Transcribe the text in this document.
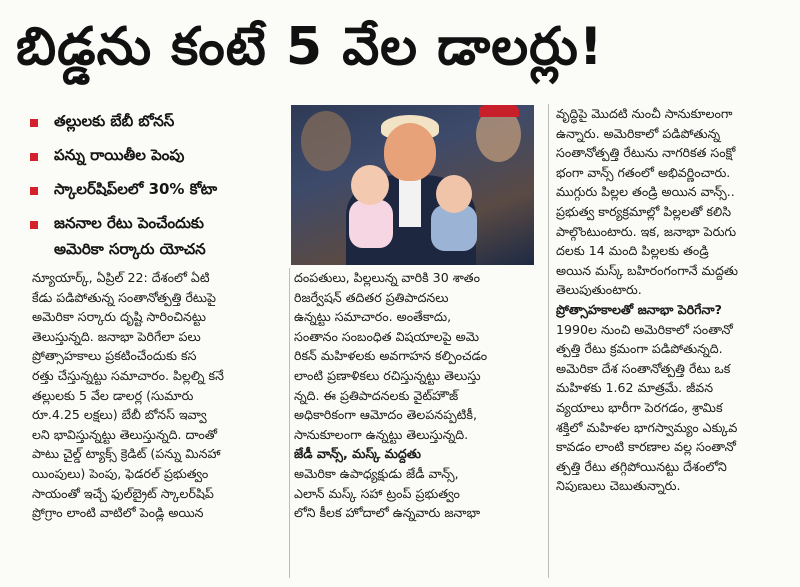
బిడ్డను కంటే 5 వేల డాలర్లు!
తల్లులకు బేబీ బోనస్
పన్ను రాయితీల పెంపు
స్కాలర్‌షిప్‌లలో 30% కోటా
జననాల రేటు పెంచేందుకు
అమెరికా సర్కారు యోచన
న్యూయార్క్, ఏప్రిల్ 22: దేశంలో ఏటి
కేడు పడిపోతున్న సంతానోత్పత్తి రేటుపై
అమెరికా సర్కారు దృష్టి సారించినట్టు
తెలుస్తున్నది. జనాభా పెరిగేలా పలు
ప్రోత్సాహకాలు ప్రకటించేందుకు కస
రత్తు చేస్తున్నట్టు సమాచారం. పిల్లల్ని కనే
తల్లులకు 5 వేల డాలర్ల (సుమారు
రూ.4.25 లక్షలు) బేబీ బోనస్ ఇవ్వా
లని భావిస్తున్నట్టు తెలుస్తున్నది. దాంతో
పాటు చైల్డ్ ట్యాక్స్ క్రెడిట్ (పన్ను మినహా
యింపులు) పెంపు, ఫెడరల్ ప్రభుత్వం
సాయంతో ఇచ్చే ఫుల్‌బ్రైట్ స్కాలర్‌షిప్
ప్రోగ్రాం లాంటి వాటిలో పెండ్లి అయిన
దంపతులు, పిల్లలున్న వారికి 30 శాతం
రిజర్వేషన్ తదితర ప్రతిపాదనలు
ఉన్నట్టు సమాచారం. అంతేకాదు,
సంతానం సంబంధిత విషయాలపై అమె
రికన్ మహిళలకు అవగాహన కల్పించడం
లాంటి ప్రణాళికలు రచిస్తున్నట్టు తెలుస్తు
న్నది. ఈ ప్రతిపాదనలకు వైట్‌హౌజ్
అధికారికంగా ఆమోదం తెలపనప్పటికీ,
సానుకూలంగా ఉన్నట్టు తెలుస్తున్నది.
జేడీ వాన్స్, మస్క్ మద్దతు
అమెరికా ఉపాధ్యక్షుడు జేడీ వాన్స్,
ఎలాన్ మస్క్ సహా ట్రంప్ ప్రభుత్వం
లోని కీలక హోదాలో ఉన్నవారు జనాభా
వృద్ధిపై మొదటి నుంచీ సానుకూలంగా
ఉన్నారు. అమెరికాలో పడిపోతున్న
సంతానోత్పత్తి రేటును నాగరికత సంక్షో
భంగా వాన్స్ గతంలో అభివర్ణించారు.
ముగ్గురు పిల్లల తండ్రి అయిన వాన్స్..
ప్రభుత్వ కార్యక్రమాల్లో పిల్లలతో కలిసి
పాల్గొంటుంటారు. ఇక, జనాభా పెరుగు
దలకు 14 మంది పిల్లలకు తండ్రి
అయిన మస్క్ బహిరంగంగానే మద్దతు
తెలుపుతుంటారు.
ప్రోత్సాహకాలతో జనాభా పెరిగేనా?
1990ల నుంచి అమెరికాలో సంతానో
త్పత్తి రేటు క్రమంగా పడిపోతున్నది.
అమెరికా దేశ సంతానోత్పత్తి రేటు ఒక
మహిళకు 1.62 మాత్రమే. జీవన
వ్యయాలు భారీగా పెరగడం, శ్రామిక
శక్తిలో మహిళల భాగస్వామ్యం ఎక్కువ
కావడం లాంటి కారణాల వల్ల సంతానో
త్పత్తి రేటు తగ్గిపోయినట్టు దేశంలోని
నిపుణులు చెబుతున్నారు.
